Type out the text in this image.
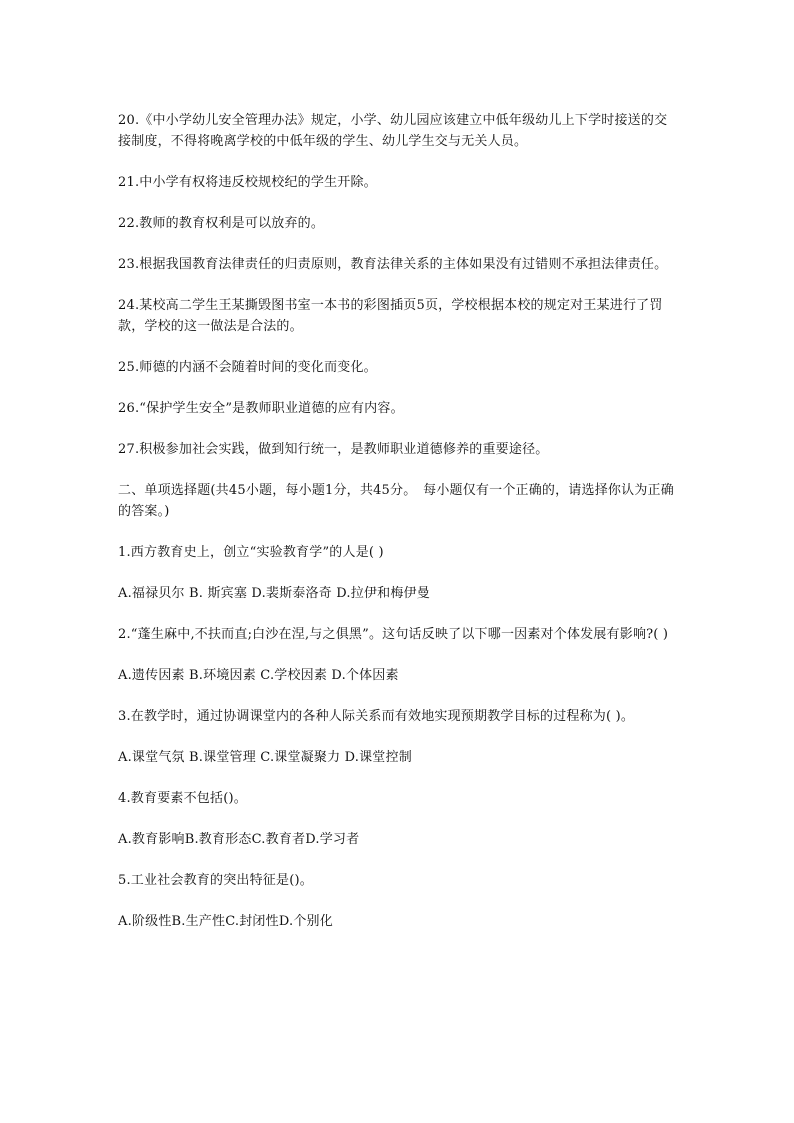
20.《中小学幼儿安全管理办法》规定，小学、幼儿园应该建立中低年级幼儿上下学时接送的交接制度，不得将晚离学校的中低年级的学生、幼儿学生交与无关人员。

21.中小学有权将违反校规校纪的学生开除。

22.教师的教育权利是可以放弃的。

23.根据我国教育法律责任的归责原则，教育法律关系的主体如果没有过错则不承担法律责任。

24.某校高二学生王某撕毁图书室一本书的彩图插页5页，学校根据本校的规定对王某进行了罚款，学校的这一做法是合法的。

25.师德的内涵不会随着时间的变化而变化。

26.“保护学生安全”是教师职业道德的应有内容。

27.积极参加社会实践，做到知行统一，是教师职业道德修养的重要途径。

二、单项选择题(共45小题，每小题1分，共45分。　每小题仅有一个正确的，请选择你认为正确的答案。)

1.西方教育史上，创立“实验教育学”的人是( )

A.福禄贝尔 B. 斯宾塞 D.裴斯泰洛奇 D.拉伊和梅伊曼

2.“蓬生麻中,不扶而直;白沙在涅,与之俱黑”。这句话反映了以下哪一因素对个体发展有影响?( )

A.遗传因素 B.环境因素 C.学校因素 D.个体因素

3.在教学时，通过协调课堂内的各种人际关系而有效地实现预期教学目标的过程称为( )。

A.课堂气氛 B.课堂管理 C.课堂凝聚力 D.课堂控制

4.教育要素不包括()。

A.教育影响B.教育形态C.教育者D.学习者

5.工业社会教育的突出特征是()。

A.阶级性B.生产性C.封闭性D.个别化
